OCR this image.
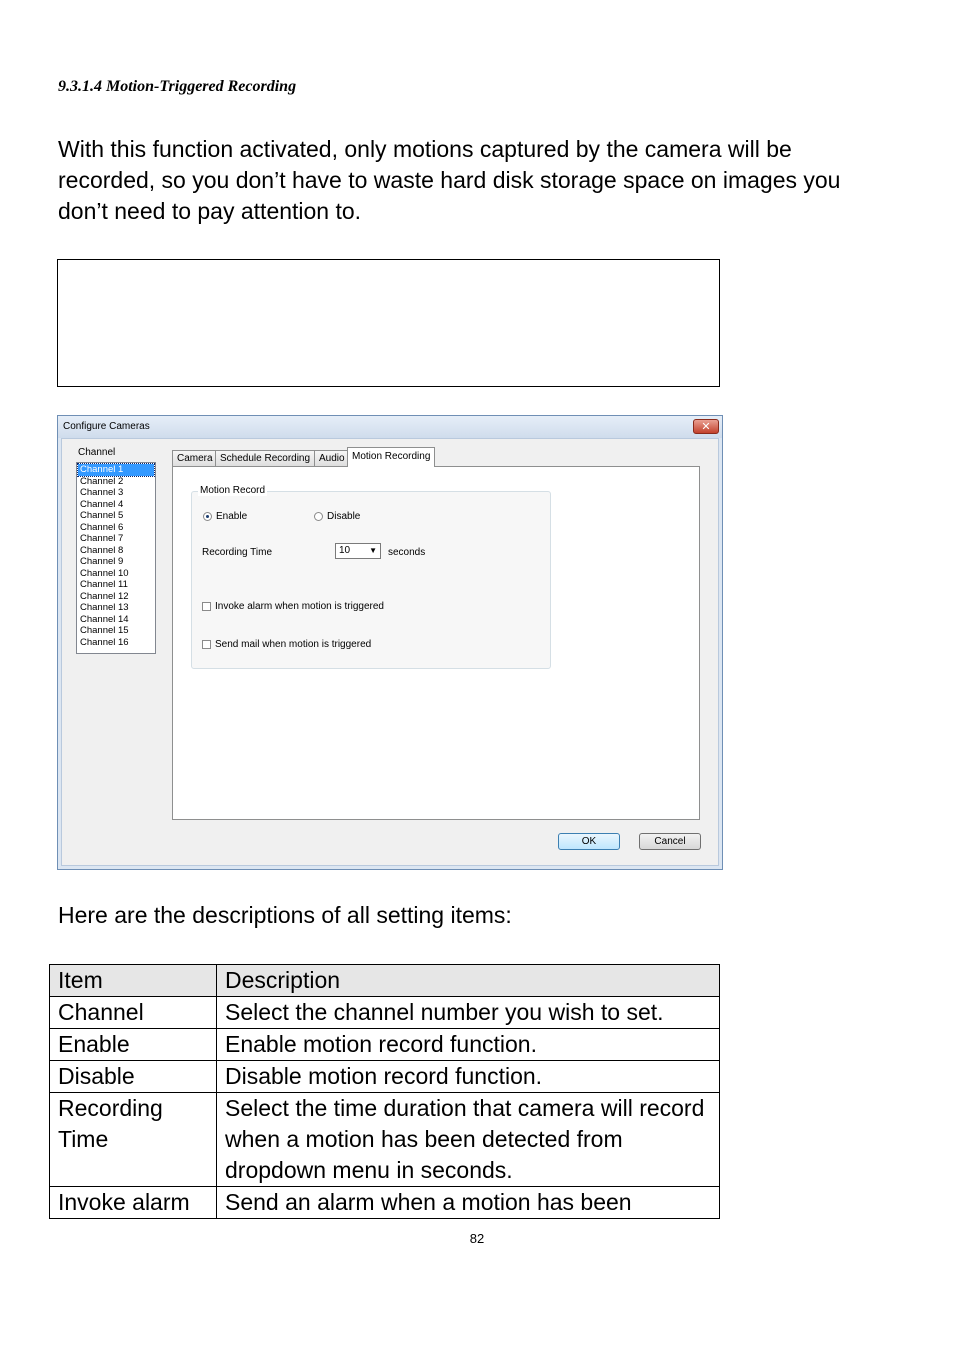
9.3.1.4 Motion-Triggered Recording

With this function activated, only motions captured by the camera will be recorded, so you don’t have to waste hard disk storage space on images you don’t need to pay attention to.

Configure Cameras	✕
Channel
Channel 1
Channel 2
Channel 3
Channel 4
Channel 5
Channel 6
Channel 7
Channel 8
Channel 9
Channel 10
Channel 11
Channel 12
Channel 13
Channel 14
Channel 15
Channel 16
Camera Schedule Recording Audio Motion Recording
Motion Record
Enable	Disable
Recording Time	10 ▼ seconds
Invoke alarm when motion is triggered
Send mail when motion is triggered
OK	Cancel

Here are the descriptions of all setting items:

Item	Description
Channel	Select the channel number you wish to set.
Enable	Enable motion record function.
Disable	Disable motion record function.
Recording Time	Select the time duration that camera will record when a motion has been detected from dropdown menu in seconds.
Invoke alarm	Send an alarm when a motion has been
82
